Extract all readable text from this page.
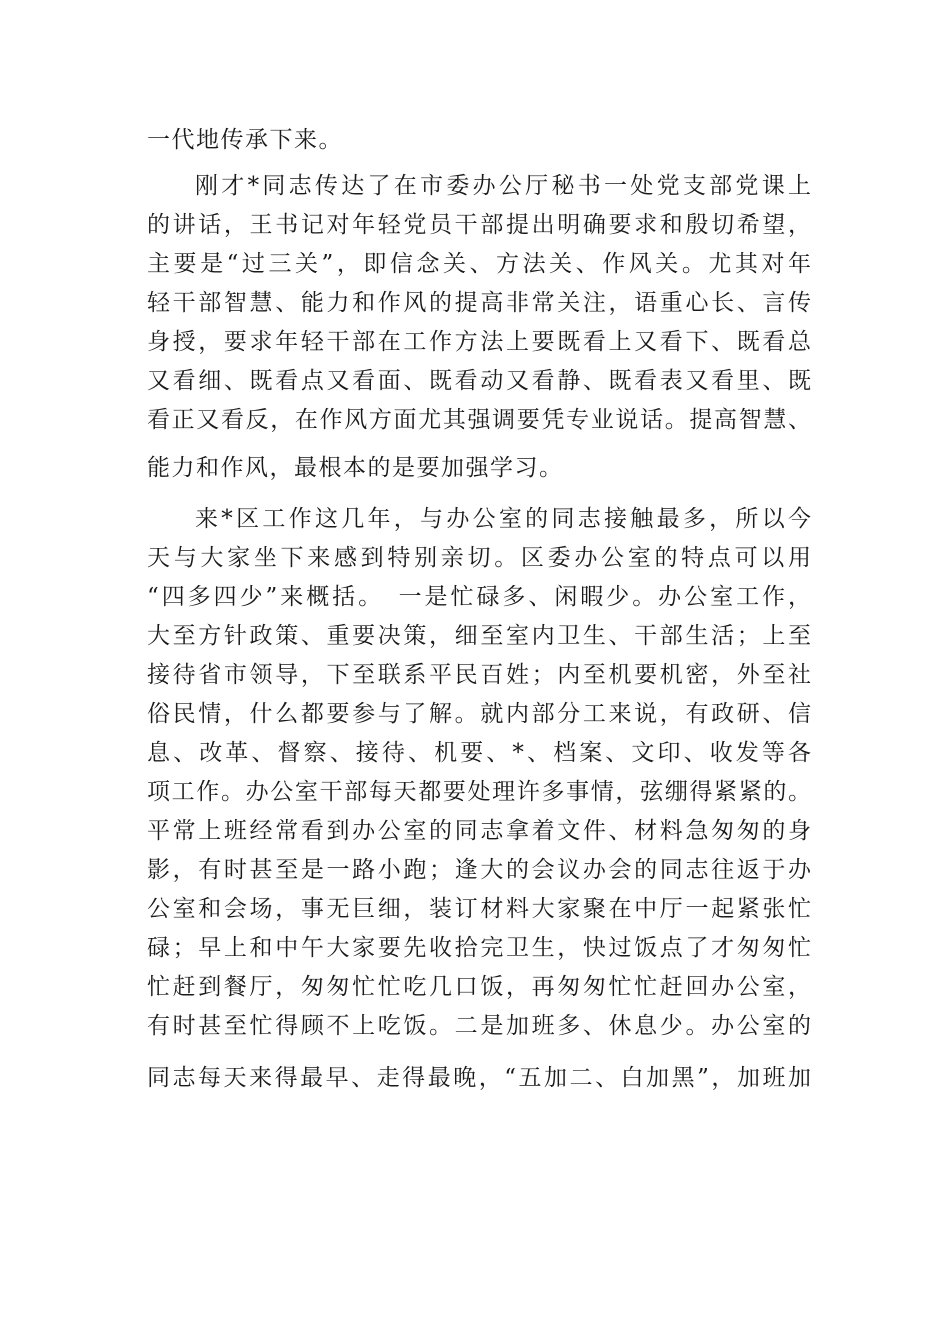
一代地传承下来。
刚才*同志传达了在市委办公厅秘书一处党支部党课上
的讲话，王书记对年轻党员干部提出明确要求和殷切希望，
主要是“过三关”，即信念关、方法关、作风关。尤其对年
轻干部智慧、能力和作风的提高非常关注，语重心长、言传
身授，要求年轻干部在工作方法上要既看上又看下、既看总
又看细、既看点又看面、既看动又看静、既看表又看里、既
看正又看反，在作风方面尤其强调要凭专业说话。提高智慧、
能力和作风，最根本的是要加强学习。
来*区工作这几年，与办公室的同志接触最多，所以今
天与大家坐下来感到特别亲切。区委办公室的特点可以用
“四多四少”来概括。　一是忙碌多、闲暇少。办公室工作，
大至方针政策、重要决策，细至室内卫生、干部生活；上至
接待省市领导，下至联系平民百姓；内至机要机密，外至社
俗民情，什么都要参与了解。就内部分工来说，有政研、信
息、改革、督察、接待、机要、*、档案、文印、收发等各
项工作。办公室干部每天都要处理许多事情，弦绷得紧紧的。
平常上班经常看到办公室的同志拿着文件、材料急匆匆的身
影，有时甚至是一路小跑；逢大的会议办会的同志往返于办
公室和会场，事无巨细，装订材料大家聚在中厅一起紧张忙
碌；早上和中午大家要先收拾完卫生，快过饭点了才匆匆忙
忙赶到餐厅，匆匆忙忙吃几口饭，再匆匆忙忙赶回办公室，
有时甚至忙得顾不上吃饭。二是加班多、休息少。办公室的
同志每天来得最早、走得最晚，“五加二、白加黑”，加班加
